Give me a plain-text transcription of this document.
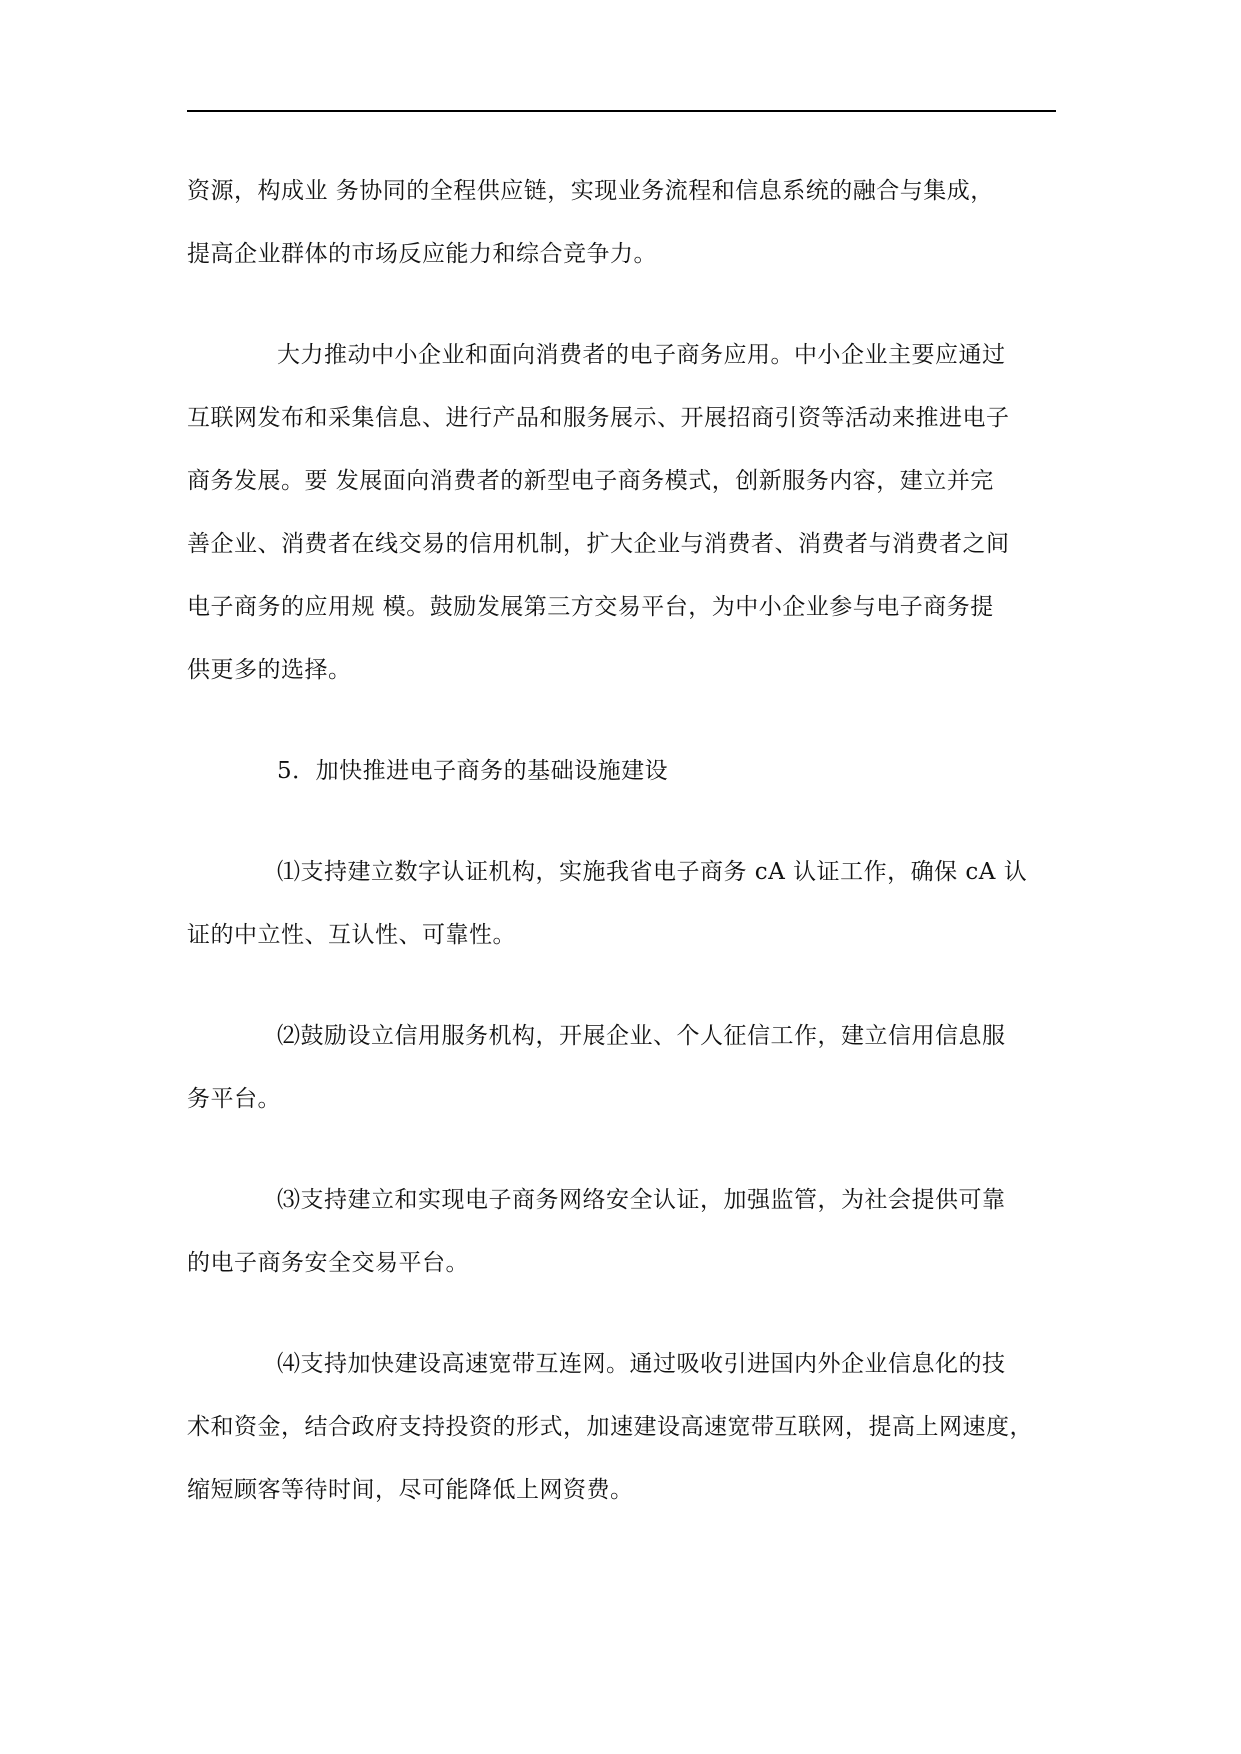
资源，构成业 务协同的全程供应链，实现业务流程和信息系统的融合与集成，
提高企业群体的市场反应能力和综合竞争力。

大力推动中小企业和面向消费者的电子商务应用。中小企业主要应通过
互联网发布和采集信息、进行产品和服务展示、开展招商引资等活动来推进电子
商务发展。要 发展面向消费者的新型电子商务模式，创新服务内容，建立并完
善企业、消费者在线交易的信用机制，扩大企业与消费者、消费者与消费者之间
电子商务的应用规 模。鼓励发展第三方交易平台，为中小企业参与电子商务提
供更多的选择。

5．加快推进电子商务的基础设施建设

⑴支持建立数字认证机构，实施我省电子商务 cA 认证工作，确保 cA 认
证的中立性、互认性、可靠性。

⑵鼓励设立信用服务机构，开展企业、个人征信工作，建立信用信息服
务平台。

⑶支持建立和实现电子商务网络安全认证，加强监管，为社会提供可靠
的电子商务安全交易平台。

⑷支持加快建设高速宽带互连网。通过吸收引进国内外企业信息化的技
术和资金，结合政府支持投资的形式，加速建设高速宽带互联网，提高上网速度，
缩短顾客等待时间，尽可能降低上网资费。
